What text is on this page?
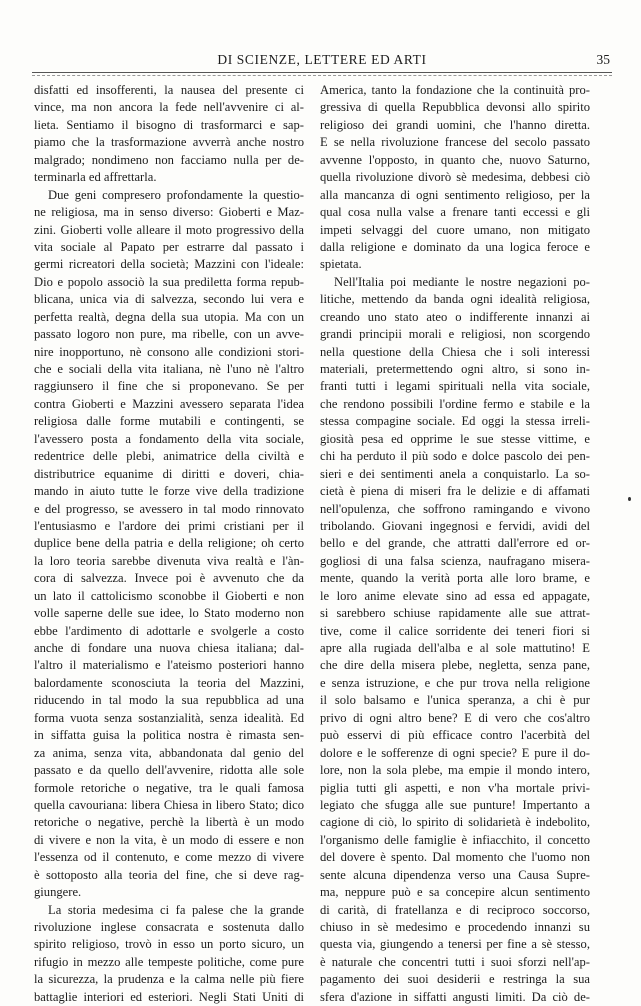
DI SCIENZE, LETTERE ED ARTI	35
disfatti ed insofferenti, la nausea del presente ci
vince, ma non ancora la fede nell'avvenire ci al-
lieta. Sentiamo il bisogno di trasformarci e sap-
piamo che la trasformazione avverrà anche nostro
malgrado; nondimeno non facciamo nulla per de-
terminarla ed affrettarla.
Due geni compresero profondamente la questio-
ne religiosa, ma in senso diverso: Gioberti e Maz-
zini. Gioberti volle alleare il moto progressivo della
vita sociale al Papato per estrarre dal passato i
germi ricreatori della società; Mazzini con l'ideale:
Dio e popolo associò la sua prediletta forma repub-
blicana, unica via di salvezza, secondo lui vera e
perfetta realtà, degna della sua utopia. Ma con un
passato logoro non pure, ma ribelle, con un avve-
nire inopportuno, nè consono alle condizioni stori-
che e sociali della vita italiana, nè l'uno nè l'altro
raggiunsero il fine che si proponevano. Se per
contra Gioberti e Mazzini avessero separata l'idea
religiosa dalle forme mutabili e contingenti, se
l'avessero posta a fondamento della vita sociale,
redentrice delle plebi, animatrice della civiltà e
distributrice equanime di diritti e doveri, chia-
mando in aiuto tutte le forze vive della tradizione
e del progresso, se avessero in tal modo rinnovato
l'entusiasmo e l'ardore dei primi cristiani per il
duplice bene della patria e della religione; oh certo
la loro teoria sarebbe divenuta viva realtà e l'àn-
cora di salvezza. Invece poi è avvenuto che da
un lato il cattolicismo sconobbe il Gioberti e non
volle saperne delle sue idee, lo Stato moderno non
ebbe l'ardimento di adottarle e svolgerle a costo
anche di fondare una nuova chiesa italiana; dal-
l'altro il materialismo e l'ateismo posteriori hanno
balordamente sconosciuta la teoria del Mazzini,
riducendo in tal modo la sua repubblica ad una
forma vuota senza sostanzialità, senza idealità. Ed
in siffatta guisa la politica nostra è rimasta sen-
za anima, senza vita, abbandonata dal genio del
passato e da quello dell'avvenire, ridotta alle sole
formole retoriche o negative, tra le quali famosa
quella cavouriana: libera Chiesa in libero Stato; dico
retoriche o negative, perchè la libertà è un modo
di vivere e non la vita, è un modo di essere e non
l'essenza od il contenuto, e come mezzo di vivere
è sottoposto alla teoria del fine, che si deve rag-
giungere.
La storia medesima ci fa palese che la grande
rivoluzione inglese consacrata e sostenuta dallo
spirito religioso, trovò in esso un porto sicuro, un
rifugio in mezzo alle tempeste politiche, come pure
la sicurezza, la prudenza e la calma nelle più fiere
battaglie interiori ed esteriori. Negli Stati Uniti di
America, tanto la fondazione che la continuità pro-
gressiva di quella Repubblica devonsi allo spirito
religioso dei grandi uomini, che l'hanno diretta.
E se nella rivoluzione francese del secolo passato
avvenne l'opposto, in quanto che, nuovo Saturno,
quella rivoluzione divorò sè medesima, debbesi ciò
alla mancanza di ogni sentimento religioso, per la
qual cosa nulla valse a frenare tanti eccessi e gli
impeti selvaggi del cuore umano, non mitigato
dalla religione e dominato da una logica feroce e
spietata.
Nell'Italia poi mediante le nostre negazioni po-
litiche, mettendo da banda ogni idealità religiosa,
creando uno stato ateo o indifferente innanzi ai
grandi principii morali e religiosi, non scorgendo
nella questione della Chiesa che i soli interessi
materiali, pretermettendo ogni altro, si sono in-
franti tutti i legami spirituali nella vita sociale,
che rendono possibili l'ordine fermo e stabile e la
stessa compagine sociale. Ed oggi la stessa irreli-
giosità pesa ed opprime le sue stesse vittime, e
chi ha perduto il più sodo e dolce pascolo dei pen-
sieri e dei sentimenti anela a conquistarlo. La so-
cietà è piena di miseri fra le delizie e di affamati
nell'opulenza, che soffrono ramingando e vivono
tribolando. Giovani ingegnosi e fervidi, avidi del
bello e del grande, che attratti dall'errore ed or-
gogliosi di una falsa scienza, naufragano misera-
mente, quando la verità porta alle loro brame, e
le loro anime elevate sino ad essa ed appagate,
si sarebbero schiuse rapidamente alle sue attrat-
tive, come il calice sorridente dei teneri fiori si
apre alla rugiada dell'alba e al sole mattutino! E
che dire della misera plebe, negletta, senza pane,
e senza istruzione, e che pur trova nella religione
il solo balsamo e l'unica speranza, a chi è pur
privo di ogni altro bene? E di vero che cos'altro
può esservi di più efficace contro l'acerbità del
dolore e le sofferenze di ogni specie? E pure il do-
lore, non la sola plebe, ma empie il mondo intero,
piglia tutti gli aspetti, e non v'ha mortale privi-
legiato che sfugga alle sue punture! Impertanto a
cagione di ciò, lo spirito di solidarietà è indebolito,
l'organismo delle famiglie è infiacchito, il concetto
del dovere è spento. Dal momento che l'uomo non
sente alcuna dipendenza verso una Causa Supre-
ma, neppure può e sa concepire alcun sentimento
di carità, di fratellanza e di reciproco soccorso,
chiuso in sè medesimo e procedendo innanzi su
questa via, giungendo a tenersi per fine a sè stesso,
è naturale che concentri tutti i suoi sforzi nell'ap-
pagamento dei suoi desiderii e restringa la sua
sfera d'azione in siffatti angusti limiti. Da ciò de-
